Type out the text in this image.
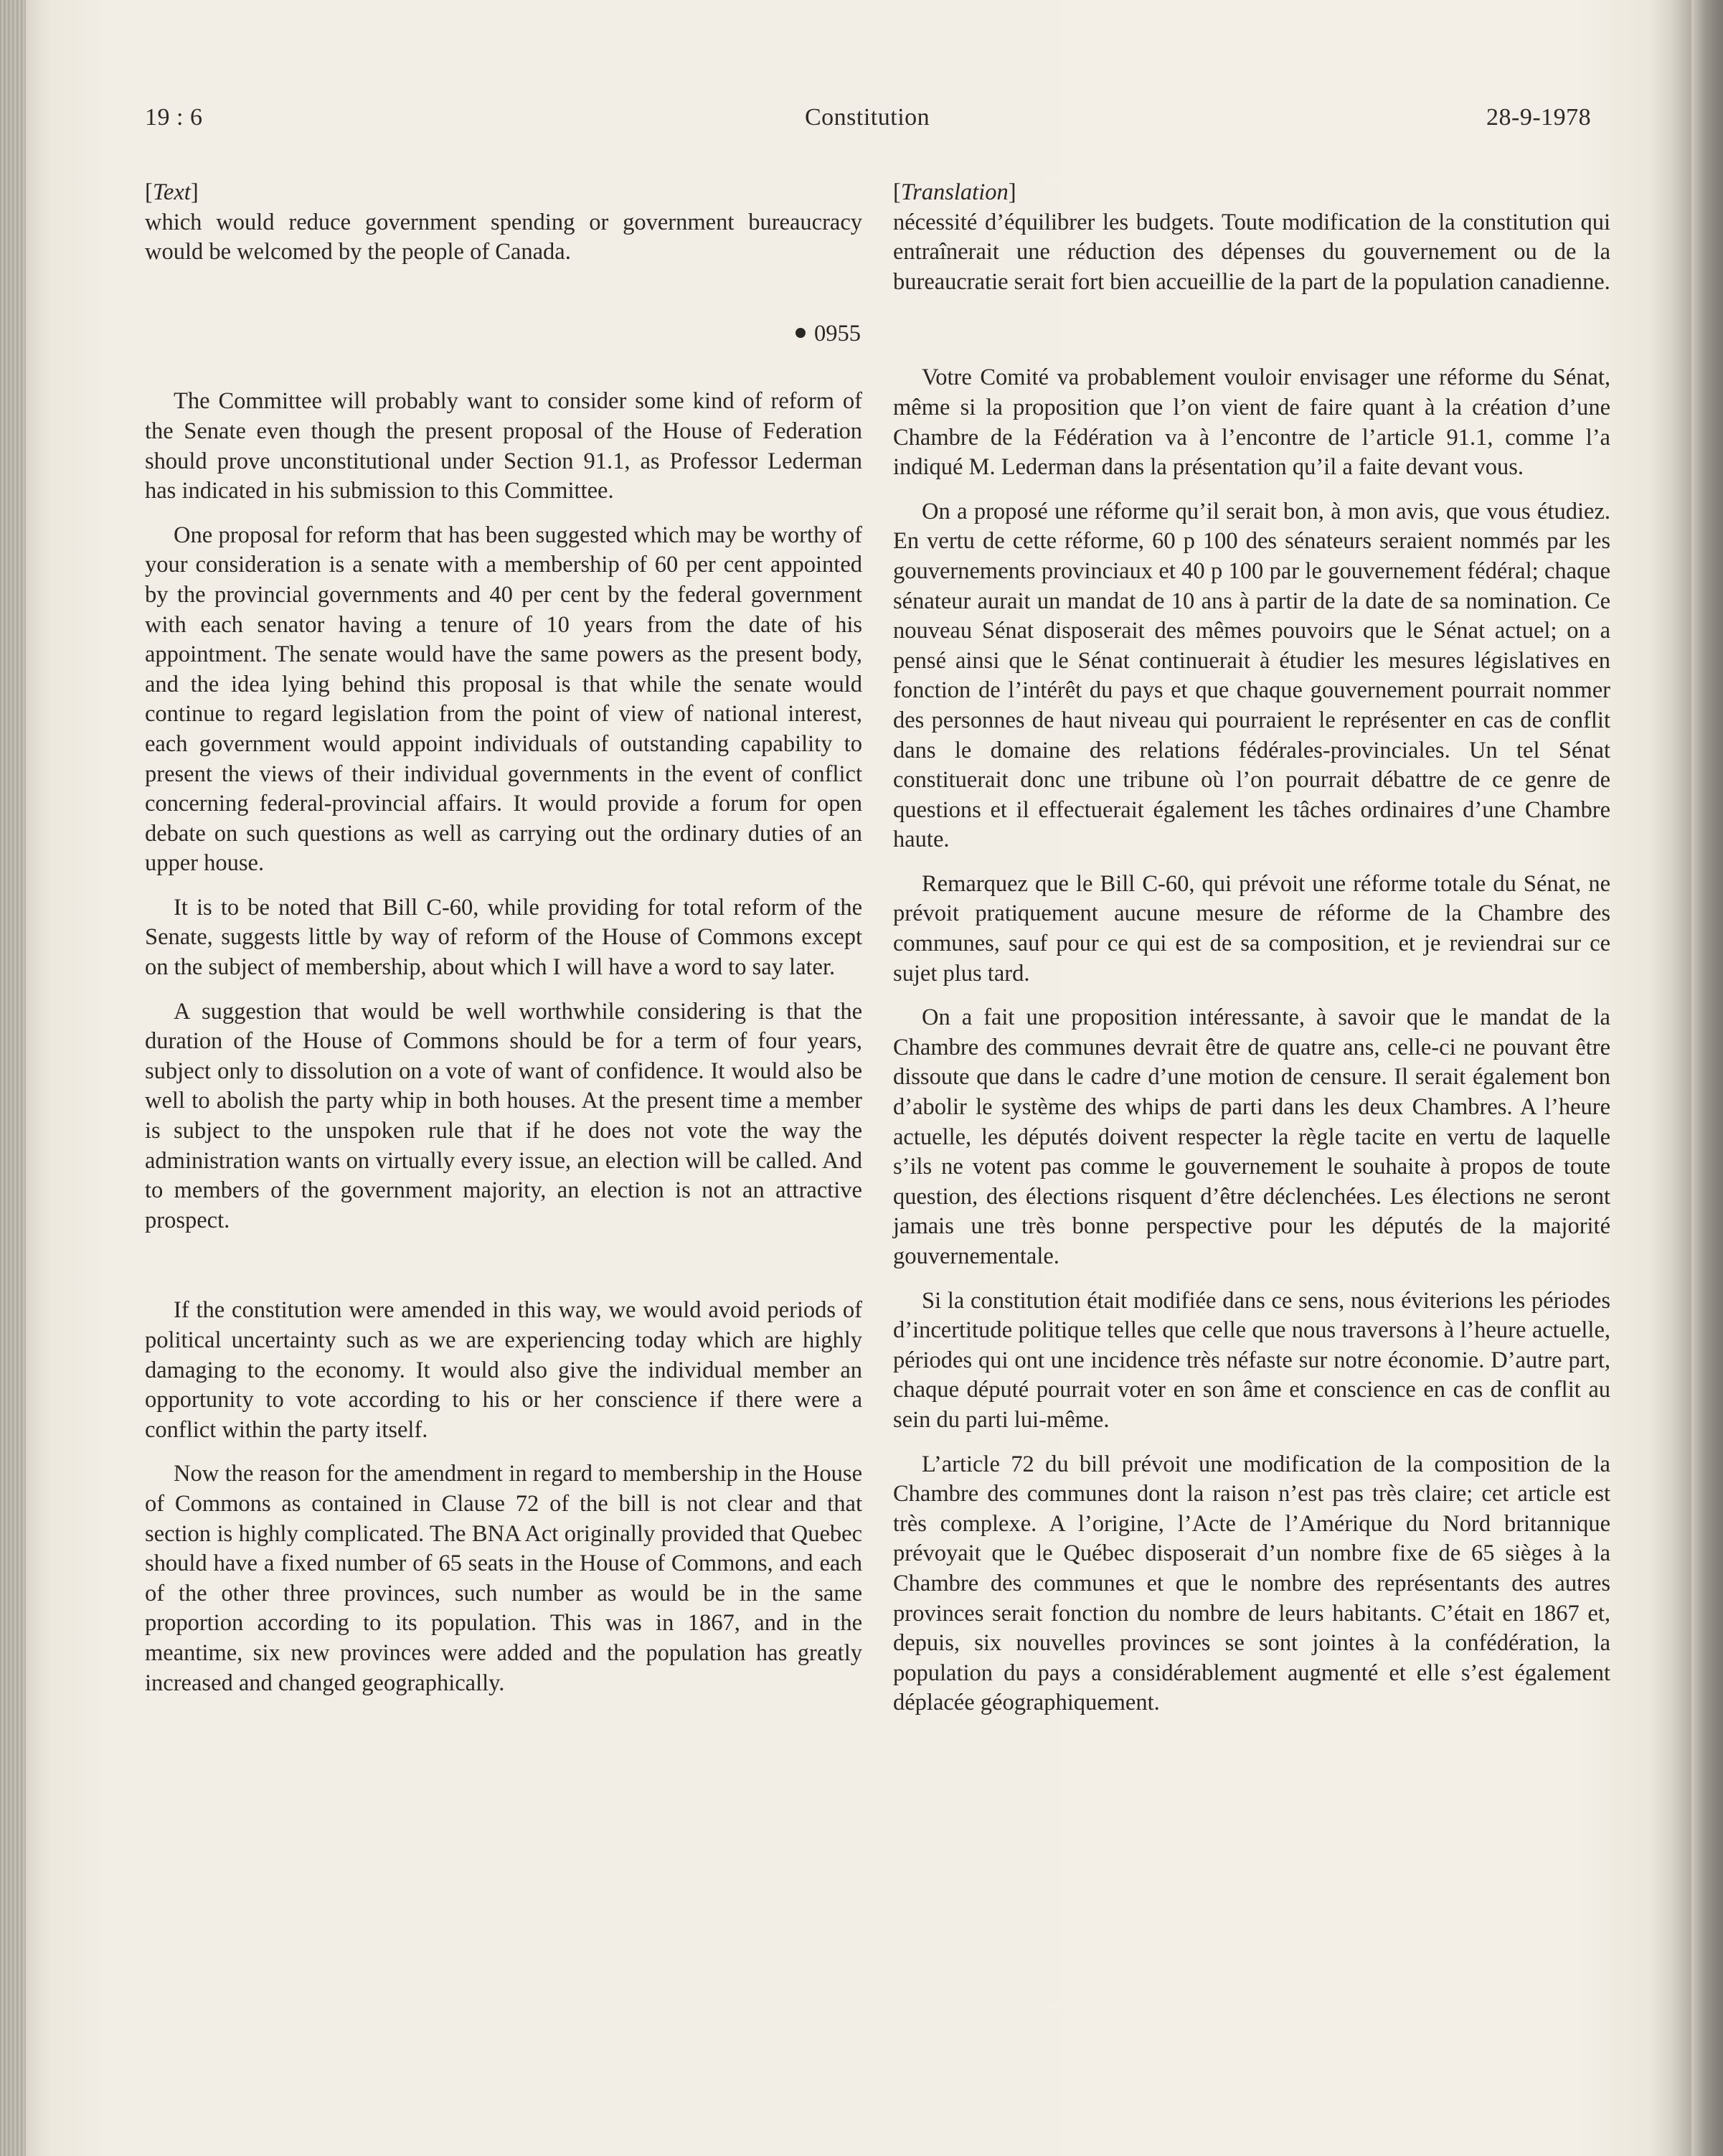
19 : 6	Constitution	28-9-1978
[Text]

which would reduce government spending or government bureaucracy would be welcomed by the people of Canada.

0955

The Committee will probably want to consider some kind of reform of the Senate even though the present proposal of the House of Federation should prove unconstitutional under Section 91.1, as Professor Lederman has indicated in his submission to this Committee.

One proposal for reform that has been suggested which may be worthy of your consideration is a senate with a membership of 60 per cent appointed by the provincial governments and 40 per cent by the federal government with each senator having a tenure of 10 years from the date of his appointment. The senate would have the same powers as the present body, and the idea lying behind this proposal is that while the senate would continue to regard legislation from the point of view of national interest, each government would appoint individuals of outstanding capability to present the views of their individual governments in the event of conflict concerning federal-provincial affairs. It would provide a forum for open debate on such questions as well as carrying out the ordinary duties of an upper house.

It is to be noted that Bill C-60, while providing for total reform of the Senate, suggests little by way of reform of the House of Commons except on the subject of membership, about which I will have a word to say later.

A suggestion that would be well worthwhile considering is that the duration of the House of Commons should be for a term of four years, subject only to dissolution on a vote of want of confidence. It would also be well to abolish the party whip in both houses. At the present time a member is subject to the unspoken rule that if he does not vote the way the administration wants on virtually every issue, an election will be called. And to members of the government majority, an election is not an attractive prospect.

If the constitution were amended in this way, we would avoid periods of political uncertainty such as we are experiencing today which are highly damaging to the economy. It would also give the individual member an opportunity to vote according to his or her conscience if there were a conflict within the party itself.

Now the reason for the amendment in regard to membership in the House of Commons as contained in Clause 72 of the bill is not clear and that section is highly complicated. The BNA Act originally provided that Quebec should have a fixed number of 65 seats in the House of Commons, and each of the other three provinces, such number as would be in the same proportion according to its population. This was in 1867, and in the meantime, six new provinces were added and the population has greatly increased and changed geographically.

[Translation]

nécessité d’équilibrer les budgets. Toute modification de la constitution qui entraînerait une réduction des dépenses du gouvernement ou de la bureaucratie serait fort bien accueillie de la part de la population canadienne.

Votre Comité va probablement vouloir envisager une réforme du Sénat, même si la proposition que l’on vient de faire quant à la création d’une Chambre de la Fédération va à l’encontre de l’article 91.1, comme l’a indiqué M. Lederman dans la présentation qu’il a faite devant vous.

On a proposé une réforme qu’il serait bon, à mon avis, que vous étudiez. En vertu de cette réforme, 60 p 100 des sénateurs seraient nommés par les gouvernements provinciaux et 40 p 100 par le gouvernement fédéral; chaque sénateur aurait un mandat de 10 ans à partir de la date de sa nomination. Ce nouveau Sénat disposerait des mêmes pouvoirs que le Sénat actuel; on a pensé ainsi que le Sénat continuerait à étudier les mesures législatives en fonction de l’intérêt du pays et que chaque gouvernement pourrait nommer des personnes de haut niveau qui pourraient le représenter en cas de conflit dans le domaine des relations fédérales-provinciales. Un tel Sénat constituerait donc une tribune où l’on pourrait débattre de ce genre de questions et il effectuerait également les tâches ordinaires d’une Chambre haute.

Remarquez que le Bill C-60, qui prévoit une réforme totale du Sénat, ne prévoit pratiquement aucune mesure de réforme de la Chambre des communes, sauf pour ce qui est de sa composition, et je reviendrai sur ce sujet plus tard.

On a fait une proposition intéressante, à savoir que le mandat de la Chambre des communes devrait être de quatre ans, celle-ci ne pouvant être dissoute que dans le cadre d’une motion de censure. Il serait également bon d’abolir le système des whips de parti dans les deux Chambres. A l’heure actuelle, les députés doivent respecter la règle tacite en vertu de laquelle s’ils ne votent pas comme le gouvernement le souhaite à propos de toute question, des élections risquent d’être déclenchées. Les élections ne seront jamais une très bonne perspective pour les députés de la majorité gouvernementale.

Si la constitution était modifiée dans ce sens, nous éviterions les périodes d’incertitude politique telles que celle que nous traversons à l’heure actuelle, périodes qui ont une incidence très néfaste sur notre économie. D’autre part, chaque député pourrait voter en son âme et conscience en cas de conflit au sein du parti lui-même.

L’article 72 du bill prévoit une modification de la composition de la Chambre des communes dont la raison n’est pas très claire; cet article est très complexe. A l’origine, l’Acte de l’Amérique du Nord britannique prévoyait que le Québec disposerait d’un nombre fixe de 65 sièges à la Chambre des communes et que le nombre des représentants des autres provinces serait fonction du nombre de leurs habitants. C’était en 1867 et, depuis, six nouvelles provinces se sont jointes à la confédération, la population du pays a considérablement augmenté et elle s’est également déplacée géographiquement.
